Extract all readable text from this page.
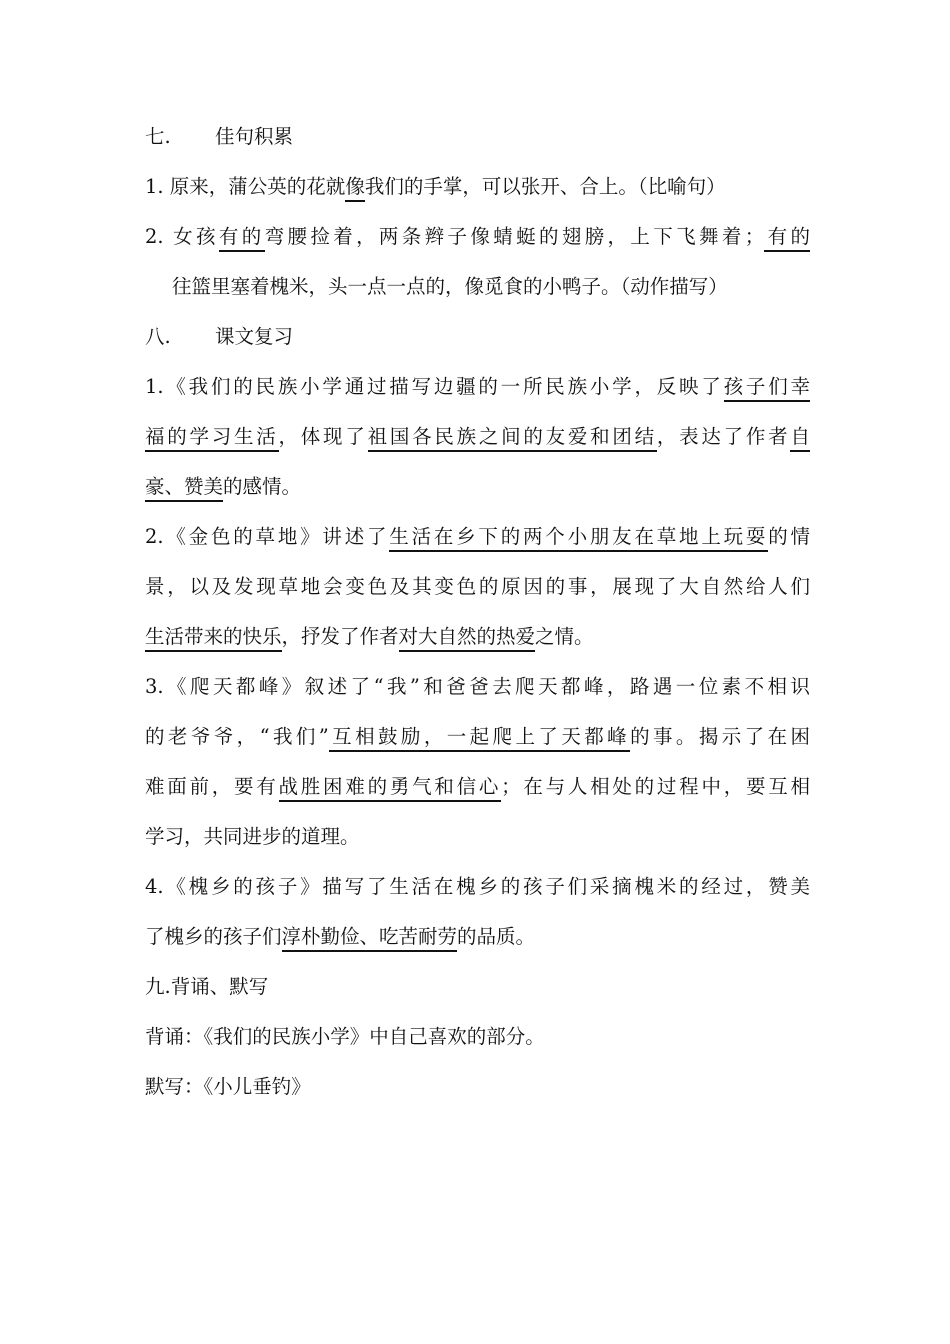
七. 佳句积累
1. 原来，蒲公英的花就像我们的手掌，可以张开、合上。（比喻句）
2. 女孩有的弯腰捡着，两条辫子像蜻蜓的翅膀，上下飞舞着；有的
往篮里塞着槐米，头一点一点的，像觅食的小鸭子。（动作描写）
八. 课文复习
1.《我们的民族小学通过描写边疆的一所民族小学，反映了孩子们幸
福的学习生活，体现了祖国各民族之间的友爱和团结，表达了作者自
豪、赞美的感情。
2.《金色的草地》讲述了生活在乡下的两个小朋友在草地上玩耍的情
景，以及发现草地会变色及其变色的原因的事，展现了大自然给人们
生活带来的快乐，抒发了作者对大自然的热爱之情。
3.《爬天都峰》叙述了“我”和爸爸去爬天都峰，路遇一位素不相识
的老爷爷，“我们”互相鼓励，一起爬上了天都峰的事。揭示了在困
难面前，要有战胜困难的勇气和信心；在与人相处的过程中，要互相
学习，共同进步的道理。
4.《槐乡的孩子》描写了生活在槐乡的孩子们采摘槐米的经过，赞美
了槐乡的孩子们淳朴勤俭、吃苦耐劳的品质。
九.背诵、默写
背诵：《我们的民族小学》中自己喜欢的部分。
默写：《小儿垂钓》
